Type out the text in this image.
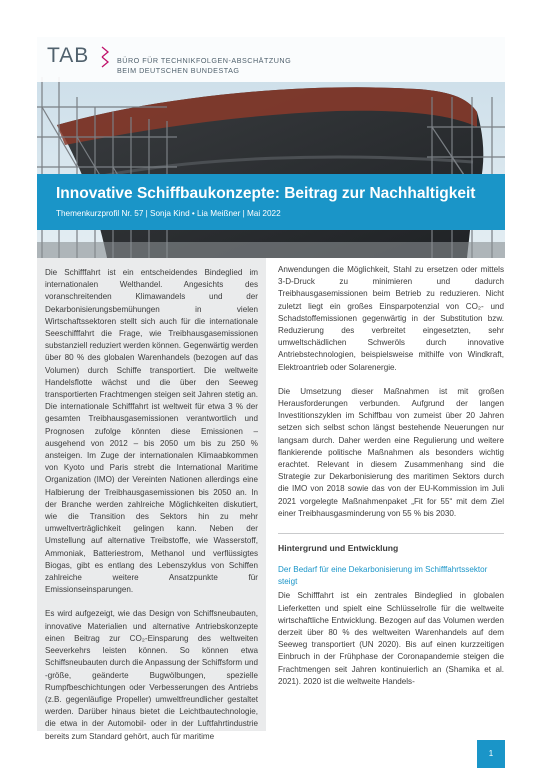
TAB	BÜRO FÜR TECHNIKFOLGEN-ABSCHÄTZUNG
BEIM DEUTSCHEN BUNDESTAG
Innovative Schiffbaukonzepte: Beitrag zur Nachhaltigkeit
Themenkurzprofil Nr. 57 | Sonja Kind • Lia Meißner | Mai 2022

Die Schifffahrt ist ein entscheidendes Bindeglied im internationalen Welthandel. Angesichts des voranschreitenden Klimawandels und der Dekarbonisierungsbemühungen in vielen Wirtschaftssektoren stellt sich auch für die internationale Seeschifffahrt die Frage, wie Treibhausgasemissionen substanziell reduziert werden können. Gegenwärtig werden über 80 % des globalen Warenhandels (bezogen auf das Volumen) durch Schiffe transportiert. Die weltweite Handelsflotte wächst und die über den Seeweg transportierten Frachtmengen steigen seit Jahren stetig an. Die internationale Schifffahrt ist weltweit für etwa 3 % der gesamten Treibhausgasemissionen verantwortlich und Prognosen zufolge könnten diese Emissionen – ausgehend von 2012 – bis 2050 um bis zu 250 % ansteigen. Im Zuge der internationalen Klimaabkommen von Kyoto und Paris strebt die International Maritime Organization (IMO) der Vereinten Nationen allerdings eine Halbierung der Treibhausgasemissionen bis 2050 an. In der Branche werden zahlreiche Möglichkeiten diskutiert, wie die Transition des Sektors hin zu mehr umweltverträglichkeit gelingen kann. Neben der Umstellung auf alternative Treibstoffe, wie Wasserstoff, Ammoniak, Batteriestrom, Methanol und verflüssigtes Biogas, gibt es entlang des Lebenszyklus von Schiffen zahlreiche weitere Ansatzpunkte für Emissionseinsparungen.

Es wird aufgezeigt, wie das Design von Schiffsneubauten, innovative Materialien und alternative Antriebskonzepte einen Beitrag zur CO₂-Einsparung des weltweiten Seeverkehrs leisten können. So können etwa Schiffsneubauten durch die Anpassung der Schiffsform und -größe, geänderte Bugwölbungen, spezielle Rumpfbeschichtungen oder Verbesserungen des Antriebs (z.B. gegenläufige Propeller) umweltfreundlicher gestaltet werden. Darüber hinaus bietet die Leichtbautechnologie, die etwa in der Automobil- oder in der Luftfahrtindustrie bereits zum Standard gehört, auch für maritime

Anwendungen die Möglichkeit, Stahl zu ersetzen oder mittels 3-D-Druck zu minimieren und dadurch Treibhausgasemissionen beim Betrieb zu reduzieren. Nicht zuletzt liegt ein großes Einsparpotenzial von CO₂- und Schadstoffemissionen gegenwärtig in der Substitution bzw. Reduzierung des verbreitet eingesetzten, sehr umweltschädlichen Schweröls durch innovative Antriebstechnologien, beispielsweise mithilfe von Windkraft, Elektroantrieb oder Solarenergie.

Die Umsetzung dieser Maßnahmen ist mit großen Herausforderungen verbunden. Aufgrund der langen Investitionszyklen im Schiffbau von zumeist über 20 Jahren setzen sich selbst schon längst bestehende Neuerungen nur langsam durch. Daher werden eine Regulierung und weitere flankierende politische Maßnahmen als besonders wichtig erachtet. Relevant in diesem Zusammenhang sind die Strategie zur Dekarbonisierung des maritimen Sektors durch die IMO von 2018 sowie das von der EU-Kommission im Juli 2021 vorgelegte Maßnahmenpaket „Fit for 55“ mit dem Ziel einer Treibhausgasminderung von 55 % bis 2030.

Hintergrund und Entwicklung
Der Bedarf für eine Dekarbonisierung im Schifffahrtssektor steigt

Die Schifffahrt ist ein zentrales Bindeglied in globalen Lieferketten und spielt eine Schlüsselrolle für die weltweite wirtschaftliche Entwicklung. Bezogen auf das Volumen werden derzeit über 80 % des weltweiten Warenhandels auf dem Seeweg transportiert (UN 2020). Bis auf einen kurzzeitigen Einbruch in der Frühphase der Coronapandemie steigen die Frachtmengen seit Jahren kontinuierlich an (Shamika et al. 2021). 2020 ist die weltweite Handels-

1
